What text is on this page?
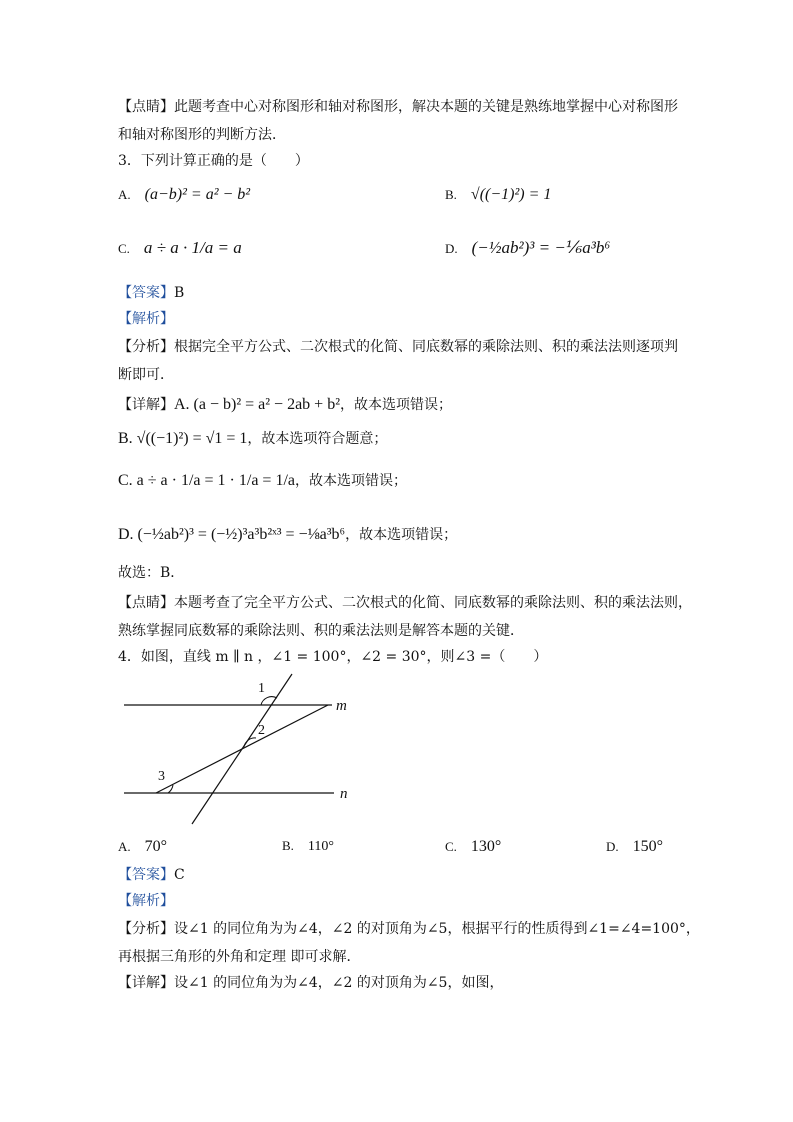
【点睛】此题考查中心对称图形和轴对称图形，解决本题的关键是熟练地掌握中心对称图形
和轴对称图形的判断方法．
3．下列计算正确的是（　　）
A. (a−b)² = a² − b²	B. √((−1)²) = 1
C. a ÷ a · 1/a = a	D. (−½ab²)³ = −⅙a³b⁶
【答案】B
【解析】
【分析】根据完全平方公式、二次根式的化简、同底数幂的乘除法则、积的乘法法则逐项判
断即可．
【详解】A. (a − b)² = a² − 2ab + b²，故本选项错误；
B. √((−1)²) = √1 = 1，故本选项符合题意；
C. a ÷ a · 1/a = 1 · 1/a = 1/a，故本选项错误；
D. (−½ab²)³ = (−½)³a³b²ˣ³ = −⅛a³b⁶，故本选项错误；
故选：B．
【点睛】本题考查了完全平方公式、二次根式的化简、同底数幂的乘除法则、积的乘法法则，
熟练掌握同底数幂的乘除法则、积的乘法法则是解答本题的关键．
4．如图，直线 m ∥ n ，∠1 = 100°，∠2 = 30°，则∠3 =（　　）
1
2
3
m
n
A. 70°	B. 110°	C. 130°	D. 150°
【答案】C
【解析】
【分析】设∠1 的同位角为为∠4，∠2 的对顶角为∠5，根据平行的性质得到∠1=∠4=100°，
再根据三角形的外角和定理 即可求解．
【详解】设∠1 的同位角为为∠4，∠2 的对顶角为∠5，如图，
